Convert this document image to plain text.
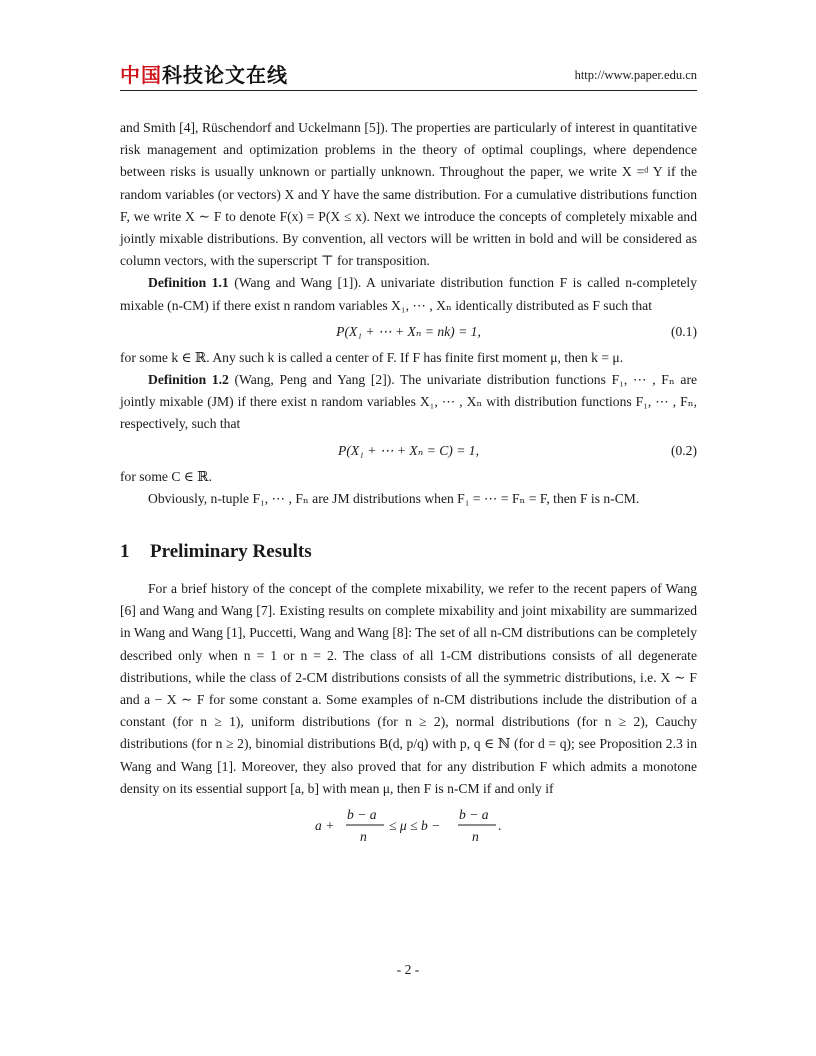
中国科技论文在线	http://www.paper.edu.cn

and Smith [4], Rüschendorf and Uckelmann [5]). The properties are particularly of interest in quantitative risk management and optimization problems in the theory of optimal couplings, where dependence between risks is usually unknown or partially unknown. Throughout the paper, we write X =ᵈ Y if the random variables (or vectors) X and Y have the same distribution. For a cumulative distributions function F, we write X ∼ F to denote F(x) = P(X ≤ x). Next we introduce the concepts of completely mixable and jointly mixable distributions. By convention, all vectors will be written in bold and will be considered as column vectors, with the superscript ⊤ for transposition.

Definition 1.1 (Wang and Wang [1]). A univariate distribution function F is called n-completely mixable (n-CM) if there exist n random variables X₁, ⋯ , Xₙ identically distributed as F such that

P(X₁ + ⋯ + Xₙ = nk) = 1,	(0.1)

for some k ∈ ℝ. Any such k is called a center of F. If F has finite first moment μ, then k = μ.

Definition 1.2 (Wang, Peng and Yang [2]). The univariate distribution functions F₁, ⋯ , Fₙ are jointly mixable (JM) if there exist n random variables X₁, ⋯ , Xₙ with distribution functions F₁, ⋯ , Fₙ, respectively, such that

P(X₁ + ⋯ + Xₙ = C) = 1,	(0.2)

for some C ∈ ℝ.

Obviously, n-tuple F₁, ⋯ , Fₙ are JM distributions when F₁ = ⋯ = Fₙ = F, then F is n-CM.

1 Preliminary Results

For a brief history of the concept of the complete mixability, we refer to the recent papers of Wang [6] and Wang and Wang [7]. Existing results on complete mixability and joint mixability are summarized in Wang and Wang [1], Puccetti, Wang and Wang [8]: The set of all n-CM distributions can be completely described only when n = 1 or n = 2. The class of all 1-CM distributions consists of all degenerate distributions, while the class of 2-CM distributions consists of all the symmetric distributions, i.e. X ∼ F and a − X ∼ F for some constant a. Some examples of n-CM distributions include the distribution of a constant (for n ≥ 1), uniform distributions (for n ≥ 2), normal distributions (for n ≥ 2), Cauchy distributions (for n ≥ 2), binomial distributions B(d, p/q) with p, q ∈ ℕ (for d = q); see Proposition 2.3 in Wang and Wang [1]. Moreover, they also proved that for any distribution F which admits a monotone density on its essential support [a, b] with mean μ, then F is n-CM if and only if

a +
b − a
n
≤ μ ≤ b −
b − a
n
.
- 2 -
